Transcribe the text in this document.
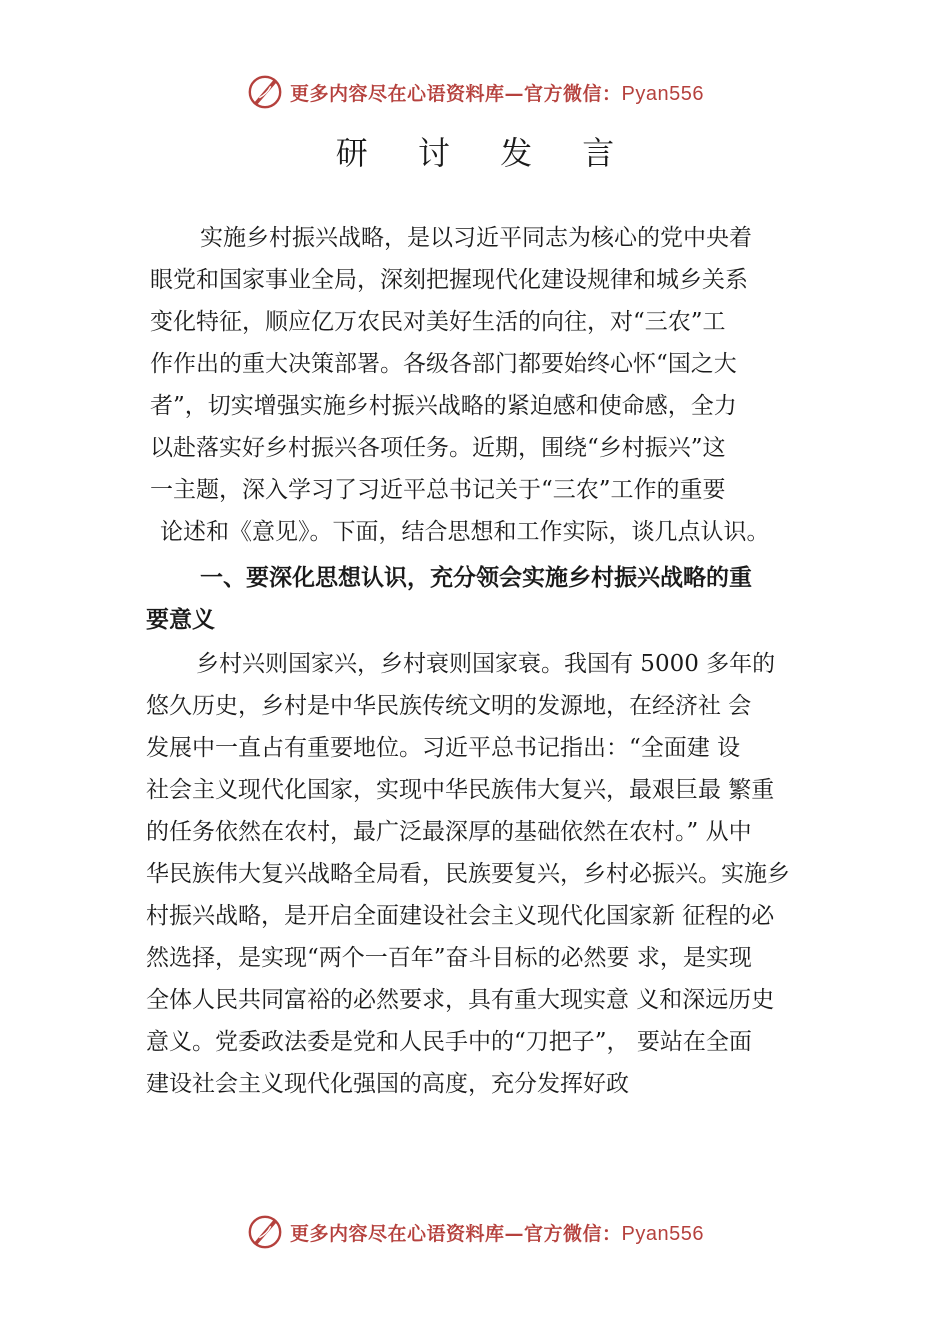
更多内容尽在心语资料库—官方微信：Pyan556
研 讨 发 言
实施乡村振兴战略，是以习近平同志为核心的党中央着
眼党和国家事业全局，深刻把握现代化建设规律和城乡关系
变化特征，顺应亿万农民对美好生活的向往，对“三农”工
作作出的重大决策部署。各级各部门都要始终心怀“国之大
者”，切实增强实施乡村振兴战略的紧迫感和使命感，全力
以赴落实好乡村振兴各项任务。近期，围绕“乡村振兴”这
一主题，深入学习了习近平总书记关于“三农”工作的重要
论述和《意见》。下面，结合思想和工作实际，谈几点认识。
一、要深化思想认识，充分领会实施乡村振兴战略的重
要意义
乡村兴则国家兴，乡村衰则国家衰。我国有 5000 多年的
悠久历史，乡村是中华民族传统文明的发源地，在经济社 会
发展中一直占有重要地位。习近平总书记指出：“全面建 设
社会主义现代化国家，实现中华民族伟大复兴，最艰巨最 繁重
的任务依然在农村，最广泛最深厚的基础依然在农村。” 从中
华民族伟大复兴战略全局看，民族要复兴，乡村必振兴。实施乡
村振兴战略，是开启全面建设社会主义现代化国家新 征程的必
然选择，是实现“两个一百年”奋斗目标的必然要 求，是实现
全体人民共同富裕的必然要求，具有重大现实意 义和深远历史
意义。党委政法委是党和人民手中的“刀把子”， 要站在全面
建设社会主义现代化强国的高度，充分发挥好政
更多内容尽在心语资料库—官方微信：Pyan556
